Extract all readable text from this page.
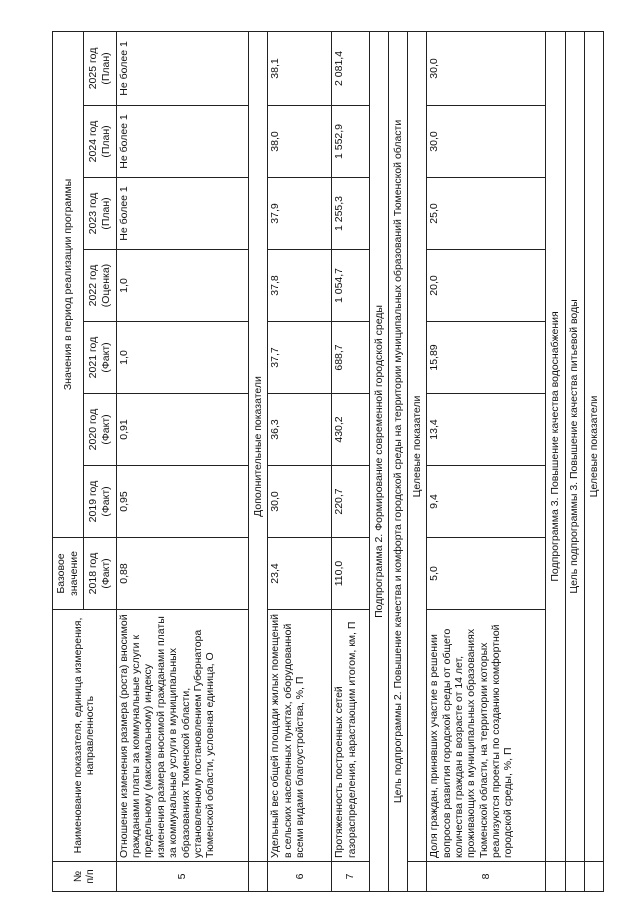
№
п/п	Наименование показателя, единица измерения, направленность	Базовое значение	Значения в период реализации программы						
		2018 год (Факт)	2019 год (Факт)	2020 год (Факт)	2021 год (Факт)	2022 год (Оценка)	2023 год (План)	2024 год (План)	2025 год (План)
5	Отношение изменения размера (роста) вносимой гражданами платы за коммунальные услуги к предельному (максимальному) индексу изменения размера вносимой гражданами платы за коммунальные услуги в муниципальных образованиях Тюменской области, установленному постановлением Губернатора Тюменской области, условная единица, О	0,88	0,95	0,91	1,0	1,0	Не более 1	Не более 1	Не более 1
	Дополнительные показатели								
6	Удельный вес общей площади жилых помещений в сельских населенных пунктах, оборудованной всеми видами благоустройства, %, П	23,4	30,0	36,3	37,7	37,8	37,9	38,0	38,1
7	Протяженность построенных сетей газораспределения, нарастающим итогом, км, П	110,0	220,7	430,2	688,7	1 054,7	1 255,3	1 552,9	2 081,4
Подпрограмма 2. Формирование современной городской среды									
Цель подпрограммы 2. Повышение качества и комфорта городской среды на территории муниципальных образований Тюменской области									
	Целевые показатели								
8	Доля граждан, принявших участие в решении вопросов развития городской среды от общего количества граждан в возрасте от 14 лет, проживающих в муниципальных образованиях Тюменской области, на территории которых реализуются проекты по созданию комфортной городской среды, %, П	5,0	9,4	13,4	15,89	20,0	25,0	30,0	30,0
	Подпрограмма 3. Повышение качества водоснабжения								
	Цель подпрограммы 3. Повышение качества питьевой воды								
	Целевые показатели								
